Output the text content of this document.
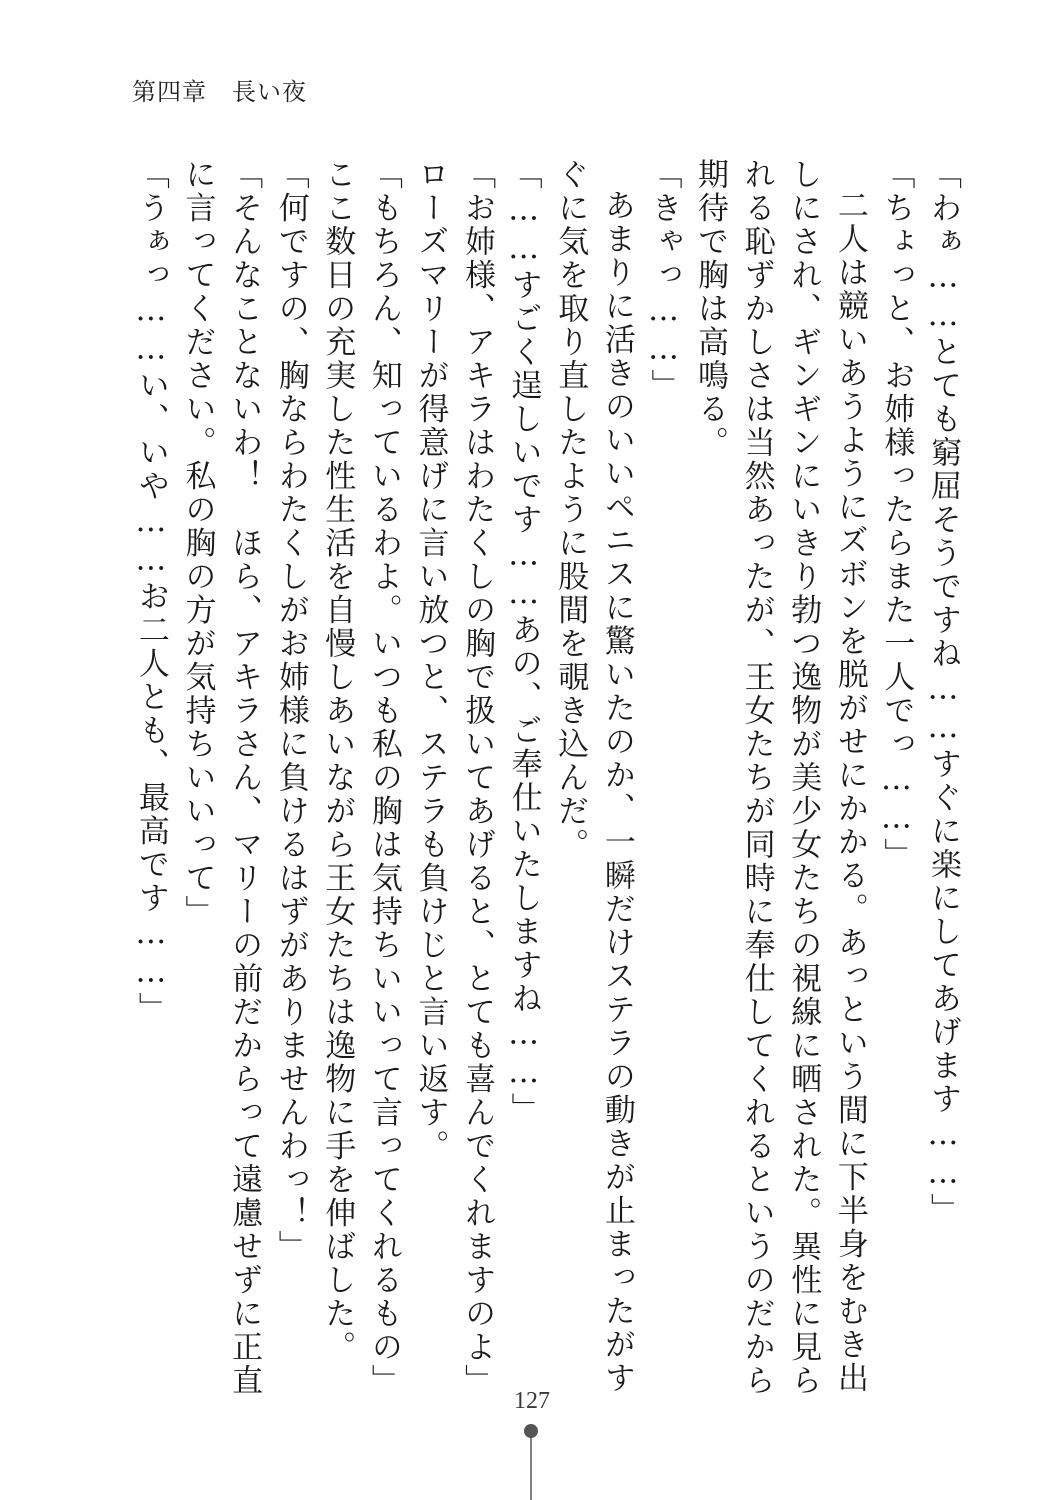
第四章　 長い夜

「わぁ……とても窮屈そうですね……すぐに楽にしてあげます……」

「ちょっと、お姉様ったらまた一人でっ……」

二人は競いあうようにズボンを脱がせにかかる。あっという間に下半身をむき出しにされ、ギンギンにいきり勃つ逸物が美少女たちの視線に晒された。異性に見られる恥ずかしさは当然あったが、王女たちが同時に奉仕してくれるというのだから期待で胸は高鳴る。

「きゃっ……」

あまりに活きのいいペニスに驚いたのか、一瞬だけステラの動きが止まったがすぐに気を取り直したように股間を覗き込んだ。

「……すごく逞しいです……あの、ご奉仕いたしますね……」

「お姉様、アキラはわたくしの胸で扱いてあげると、とても喜んでくれますのよ」

ローズマリーが得意げに言い放つと、ステラも負けじと言い返す。

「もちろん、知っているわよ。いつも私の胸は気持ちいいって言ってくれるもの」

ここ数日の充実した性生活を自慢しあいながら王女たちは逸物に手を伸ばした。

「何ですの、胸ならわたくしがお姉様に負けるはずがありませんわっ！」

「そんなことないわ！　ほら、アキラさん、マリーの前だからって遠慮せずに正直に言ってください。私の胸の方が気持ちいいって」

「うぁっ……い、いや……お二人とも、最高です……」

127
